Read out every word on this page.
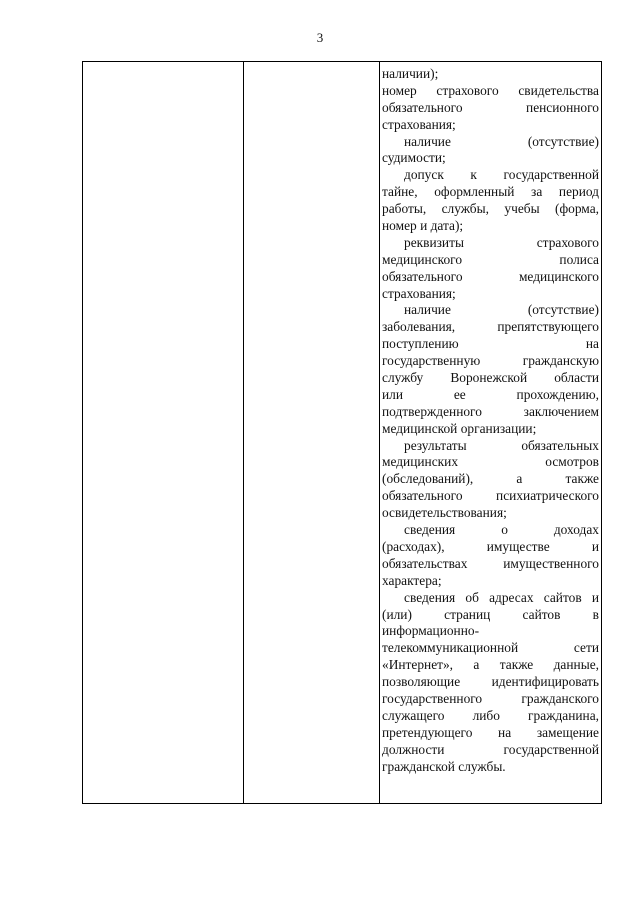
3
наличии);
номер страхового свидетельства
обязательного пенсионного
страхования;
наличие (отсутствие)
судимости;
допуск к государственной
тайне, оформленный за период
работы, службы, учебы (форма,
номер и дата);
реквизиты страхового
медицинского полиса
обязательного медицинского
страхования;
наличие (отсутствие)
заболевания, препятствующего
поступлению на
государственную гражданскую
службу Воронежской области
или ее прохождению,
подтвержденного заключением
медицинской организации;
результаты обязательных
медицинских осмотров
(обследований), а также
обязательного психиатрического
освидетельствования;
сведения о доходах
(расходах), имуществе и
обязательствах имущественного
характера;
сведения об адресах сайтов и
(или) страниц сайтов в
информационно-
телекоммуникационной сети
«Интернет», а также данные,
позволяющие идентифицировать
государственного гражданского
служащего либо гражданина,
претендующего на замещение
должности государственной
гражданской службы.
